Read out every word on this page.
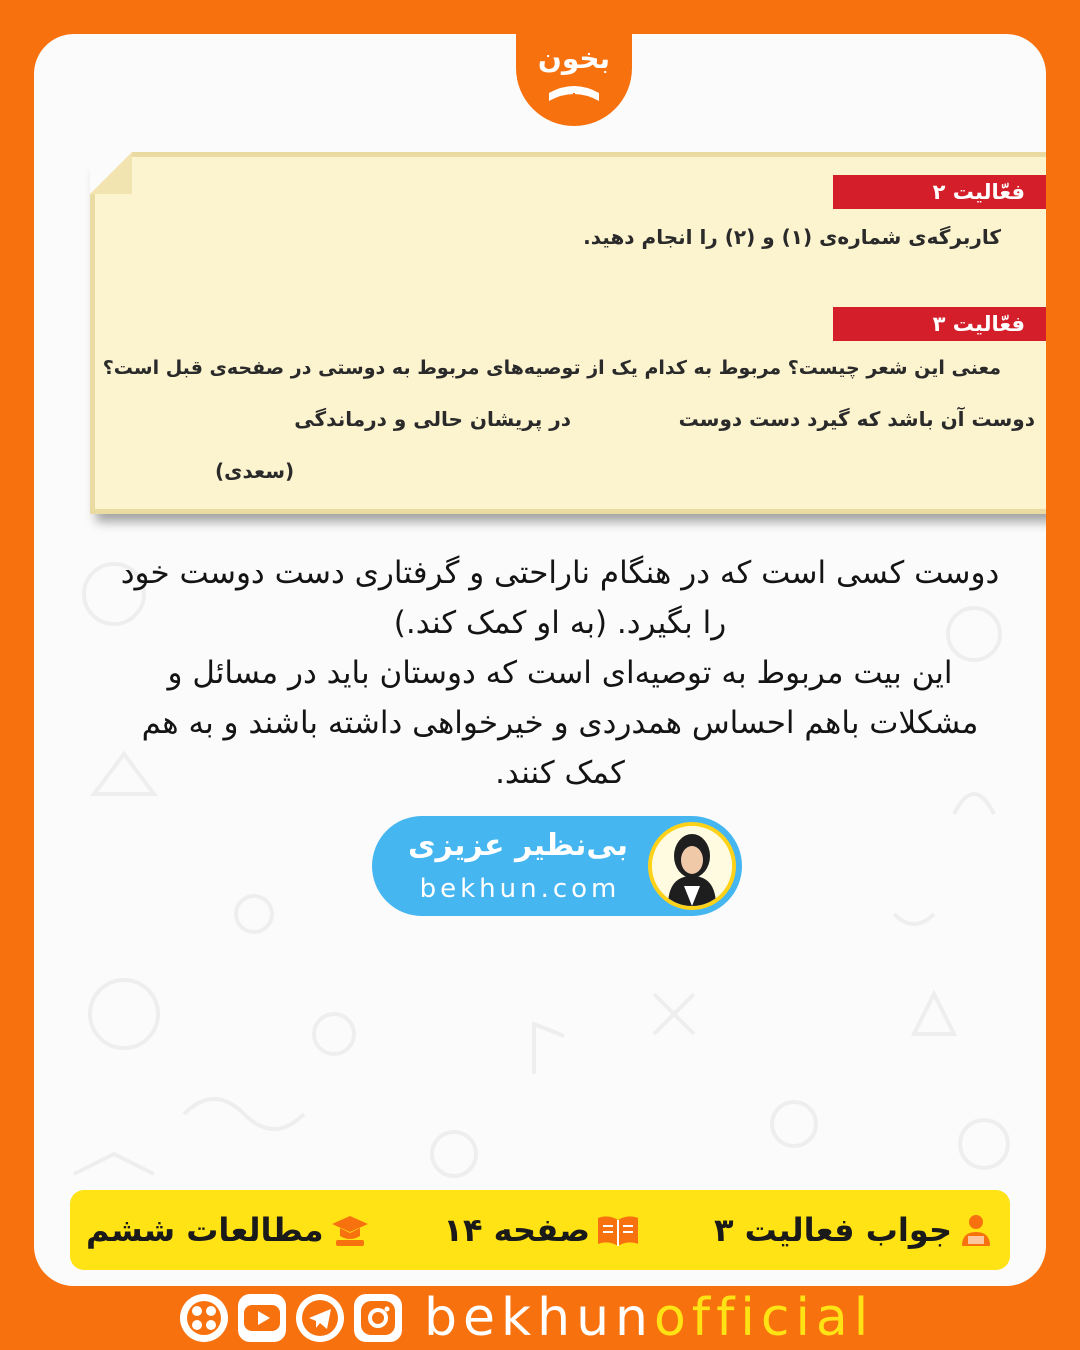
بخون
فعّالیت ۲
کاربرگه‌ی شماره‌ی (۱) و (۲) را انجام دهید.
فعّالیت ۳
معنی این شعر چیست؟ مربوط به کدام یک از توصیه‌های مربوط به دوستی در صفحه‌ی قبل است؟
دوست آن باشد که گیرد دست دوست
در پریشان حالی و درماندگی
(سعدی)

دوست کسی است که در هنگام ناراحتی و گرفتاری دست دوست خود را بگیرد. (به او کمک کند.)

این بیت مربوط به توصیه‌ای است که دوستان باید در مسائل و مشکلات باهم احساس همدردی و خیرخواهی داشته باشند و به هم کمک کنند.

بی‌نظیر عزیزی
bekhun.com
جواب فعالیت ۳
صفحه ۱۴
مطالعات ششم
bekhunofficial
